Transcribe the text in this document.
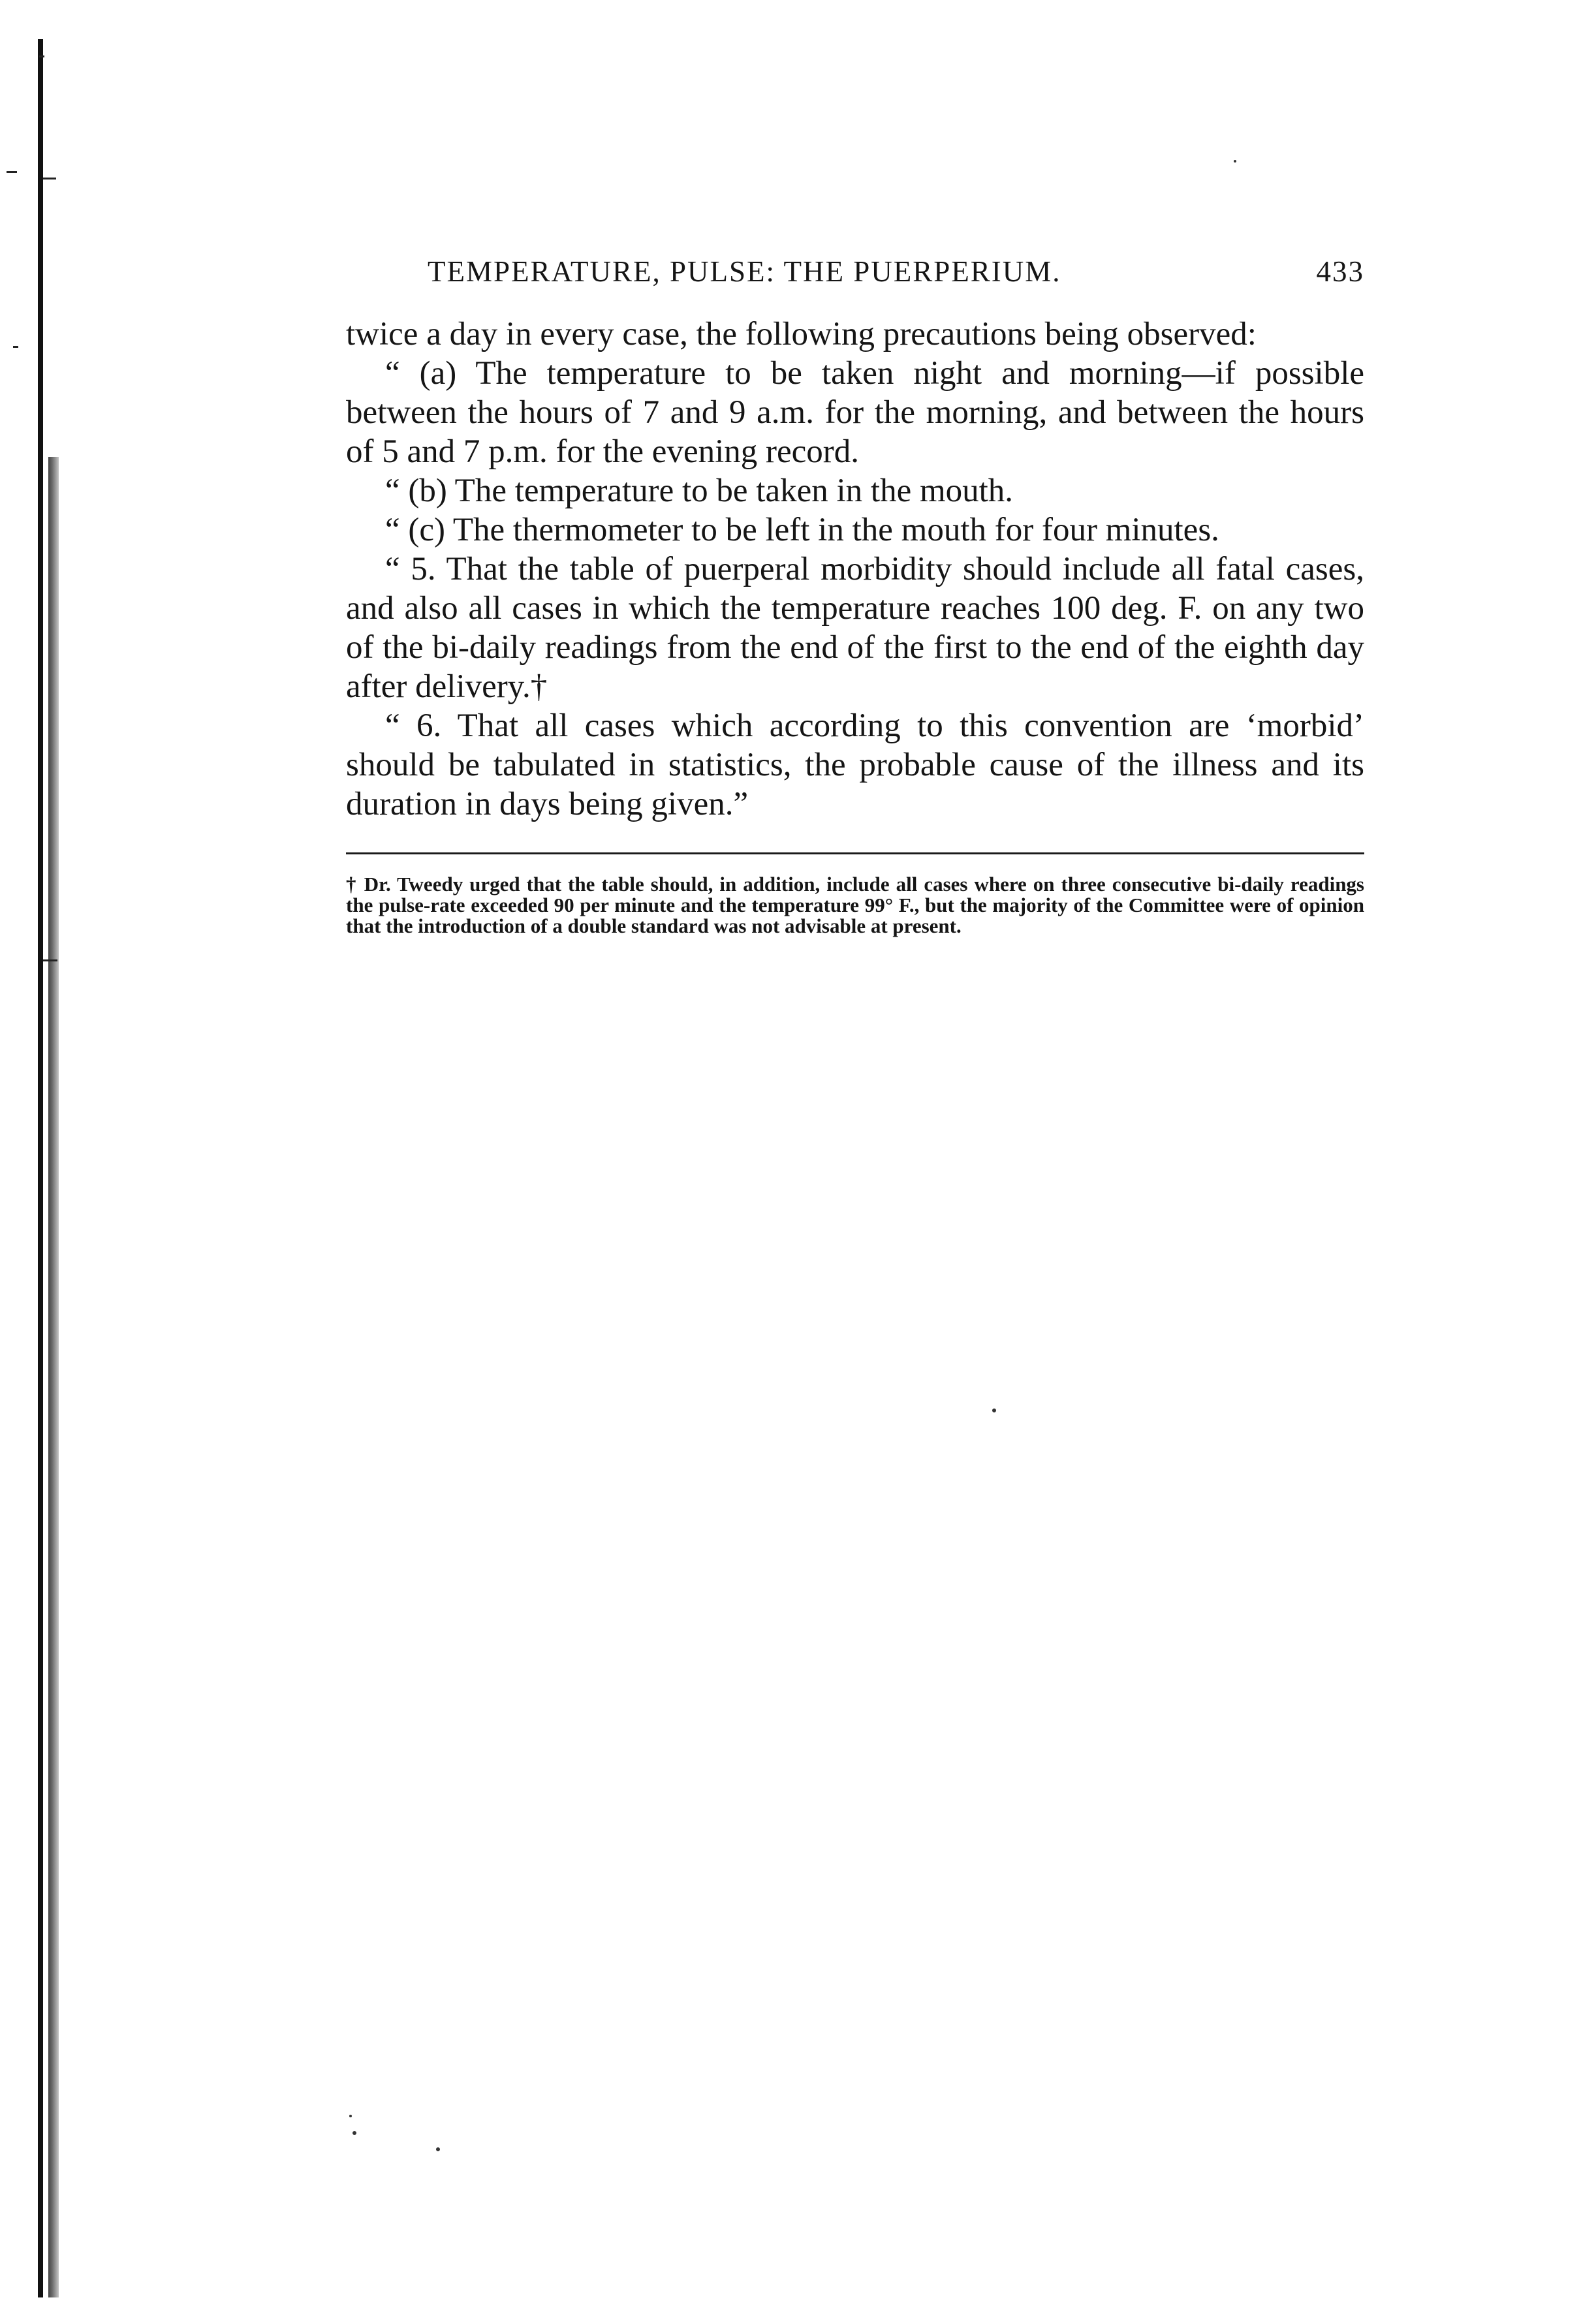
TEMPERATURE, PULSE: THE PUERPERIUM.	433

twice a day in every case, the following precautions being observed:

“ (a) The temperature to be taken night and morning—if possible between the hours of 7 and 9 a.m. for the morning, and between the hours of 5 and 7 p.m. for the evening record.

“ (b) The temperature to be taken in the mouth.

“ (c) The thermometer to be left in the mouth for four minutes.

“ 5. That the table of puerperal morbidity should include all fatal cases, and also all cases in which the temperature reaches 100 deg. F. on any two of the bi-daily readings from the end of the first to the end of the eighth day after delivery.†

“ 6. That all cases which according to this convention are ‘morbid’ should be tabulated in statistics, the probable cause of the illness and its duration in days being given.”

† Dr. Tweedy urged that the table should, in addition, include all cases where on three consecutive bi-daily readings the pulse-rate exceeded 90 per minute and the temperature 99° F., but the majority of the Committee were of opinion that the introduction of a double standard was not advisable at present.
